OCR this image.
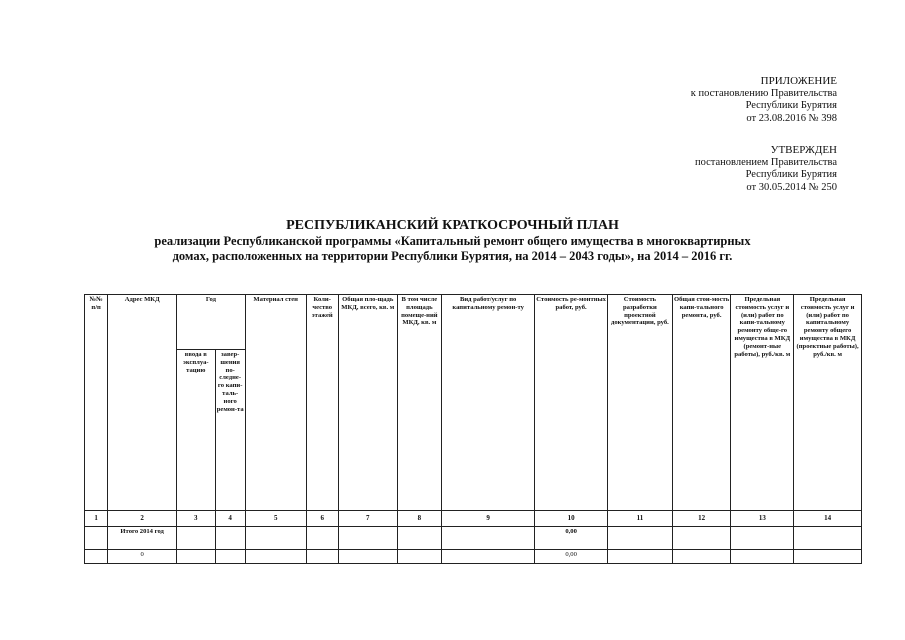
ПРИЛОЖЕНИЕ
к постановлению Правительства
Республики Бурятия
от 23.08.2016 № 398
УТВЕРЖДЕН
постановлением Правительства
Республики Бурятия
от 30.05.2014 № 250
РЕСПУБЛИКАНСКИЙ КРАТКОСРОЧНЫЙ ПЛАН
реализации Республиканской программы «Капитальный ремонт общего имущества в многоквартирных
домах, расположенных на территории Республики Бурятия, на 2014 – 2043 годы», на 2014 – 2016 гг.
№№ п/п	Адрес МКД	Год		Материал стен	Коли-чество этажей	Общая пло-щадь МКД, всего, кв. м	В том числе площадь помеще-ний МКД, кв. м	Вид работ/услуг по капитальному ремон-ту	Стоимость ре-монтных работ, руб.	Стоимость разработки проектной документации, руб.	Общая стои-мость капи-тального ремонта, руб.	Предельная стоимость услуг и (или) работ по капи-тальному ремонту обще-го имущества в МКД (ремонт-ные работы), руб./кв. м	Предельная стоимость услуг и (или) работ по капитальному ремонту общего имущества в МКД (проектные работы), руб./кв. м
		ввода в эксплуа-тацию	завер-шения по-следне-го капи-таль-ного ремон-та										
1	2	3	4	5	6	7	8	9	10	11	12	13	14
	Итого 2014 год								0,00				
	0								0,00				
